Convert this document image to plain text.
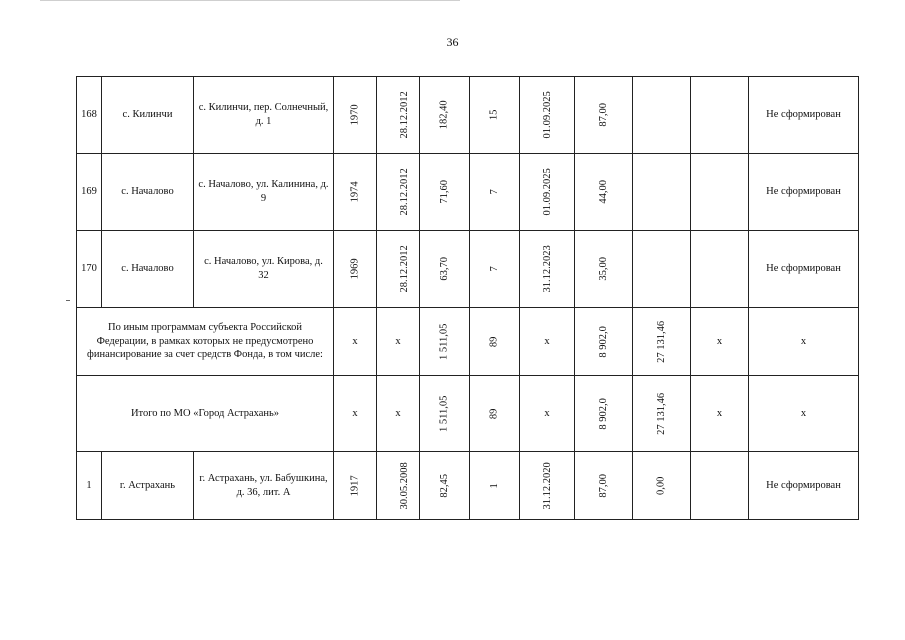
36
168	с. Килинчи	с. Килинчи, пер. Солнечный, д. 1	1970	28.12.2012	182,40	15	01.09.2025	87,00			Не сформирован
169	с. Началово	с. Началово, ул. Калинина, д. 9	1974	28.12.2012	71,60	7	01.09.2025	44,00			Не сформирован
170	с. Началово	с. Началово, ул. Кирова, д. 32	1969	28.12.2012	63,70	7	31.12.2023	35,00			Не сформирован
По иным программам субъекта Российской Федерации, в рамках которых не предусмотрено финансирование за счет средств Фонда, в том числе:			х	х	1 511,05	89	х	8 902,0	27 131,46	х	х
Итого по МО «Город Астрахань»			х	х	1 511,05	89	х	8 902,0	27 131,46	х	х
1	г. Астрахань	г. Астрахань, ул. Бабушкина, д. 36, лит. А	1917	30.05.2008	82,45	1	31.12.2020	87,00	0,00		Не сформирован
